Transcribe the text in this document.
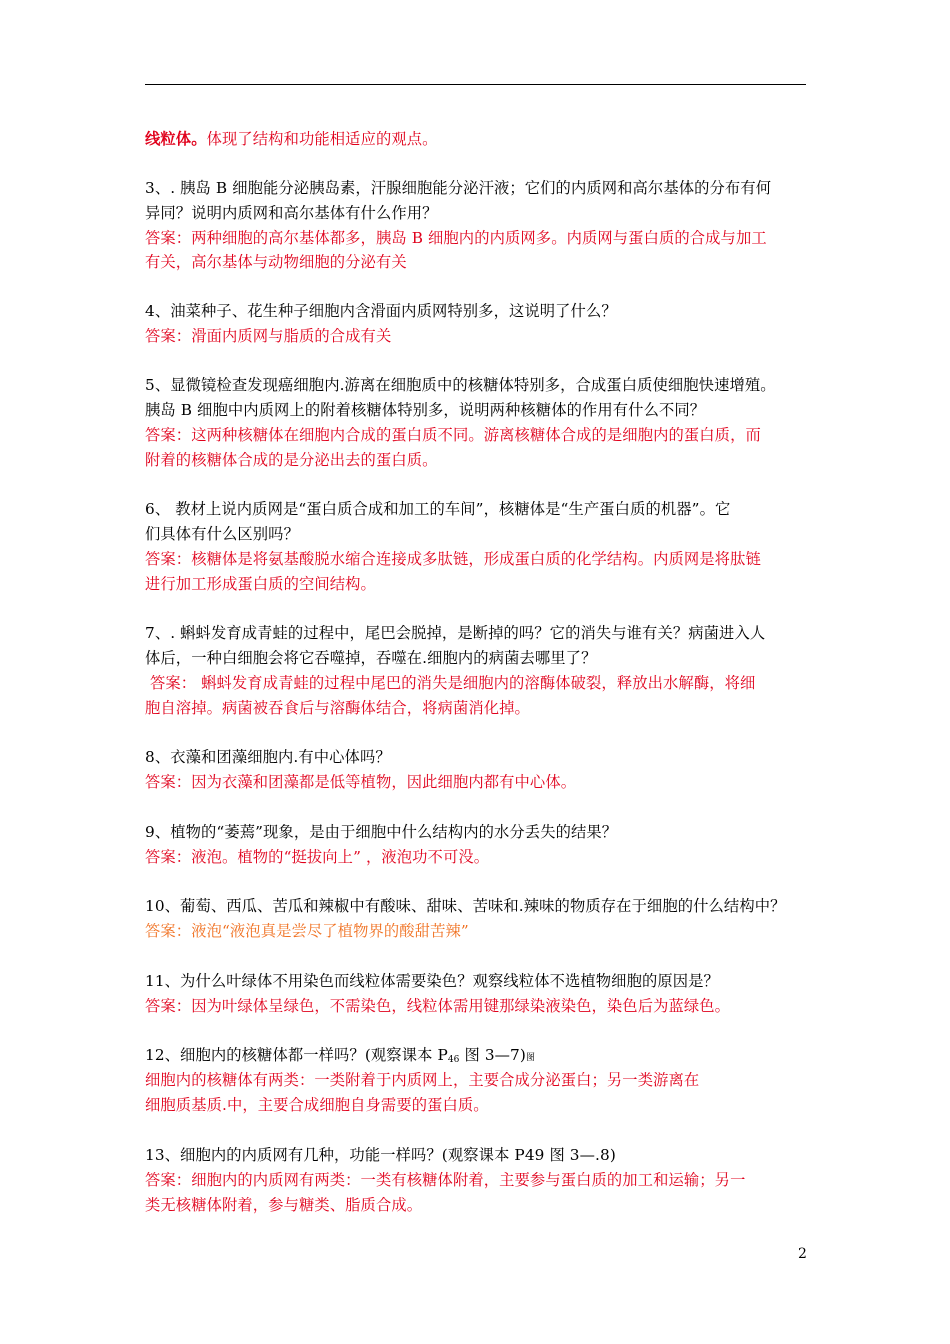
线粒体。体现了结构和功能相适应的观点。
3、. 胰岛 B 细胞能分泌胰岛素，汗腺细胞能分泌汗液；它们的内质网和高尔基体的分布有何
异同？说明内质网和高尔基体有什么作用？
答案：两种细胞的高尔基体都多，胰岛 B 细胞内的内质网多。内质网与蛋白质的合成与加工
有关，高尔基体与动物细胞的分泌有关
4、油菜种子、花生种子细胞内含滑面内质网特别多，这说明了什么？
答案：滑面内质网与脂质的合成有关
5、显微镜检查发现癌细胞内.游离在细胞质中的核糖体特别多，合成蛋白质使细胞快速增殖。
胰岛 B 细胞中内质网上的附着核糖体特别多，说明两种核糖体的作用有什么不同？
答案：这两种核糖体在细胞内合成的蛋白质不同。游离核糖体合成的是细胞内的蛋白质，而
附着的核糖体合成的是分泌出去的蛋白质。
6、 教材上说内质网是“蛋白质合成和加工的车间”，核糖体是“生产蛋白质的机器”。它
们具体有什么区别吗？
答案：核糖体是将氨基酸脱水缩合连接成多肽链，形成蛋白质的化学结构。内质网是将肽链
进行加工形成蛋白质的空间结构。
7、. 蝌蚪发育成青蛙的过程中，尾巴会脱掉，是断掉的吗？它的消失与谁有关？病菌进入人
体后，一种白细胞会将它吞噬掉，吞噬在.细胞内的病菌去哪里了？
答案： 蝌蚪发育成青蛙的过程中尾巴的消失是细胞内的溶酶体破裂，释放出水解酶，将细
胞自溶掉。病菌被吞食后与溶酶体结合，将病菌消化掉。
8、衣藻和团藻细胞内.有中心体吗？
答案：因为衣藻和团藻都是低等植物，因此细胞内都有中心体。
9、植物的“萎蔫”现象，是由于细胞中什么结构内的水分丢失的结果？
答案：液泡。植物的“挺拔向上” ，液泡功不可没。
10、葡萄、西瓜、苦瓜和辣椒中有酸味、甜味、苦味和.辣味的物质存在于细胞的什么结构中？
答案：液泡“液泡真是尝尽了植物界的酸甜苦辣”
11、为什么叶绿体不用染色而线粒体需要染色？观察线粒体不选植物细胞的原因是？
答案：因为叶绿体呈绿色，不需染色，线粒体需用键那绿染液染色，染色后为蓝绿色。
12、细胞内的核糖体都一样吗？(观察课本 $P_{46}$ 图 3—7)图
细胞内的核糖体有两类：一类附着于内质网上，主要合成分泌蛋白；另一类游离在
细胞质基质.中，主要合成细胞自身需要的蛋白质。
13、细胞内的内质网有几种，功能一样吗？(观察课本 P49 图 3—.8)
答案：细胞内的内质网有两类：一类有核糖体附着，主要参与蛋白质的加工和运输；另一
类无核糖体附着，参与糖类、脂质合成。
2
